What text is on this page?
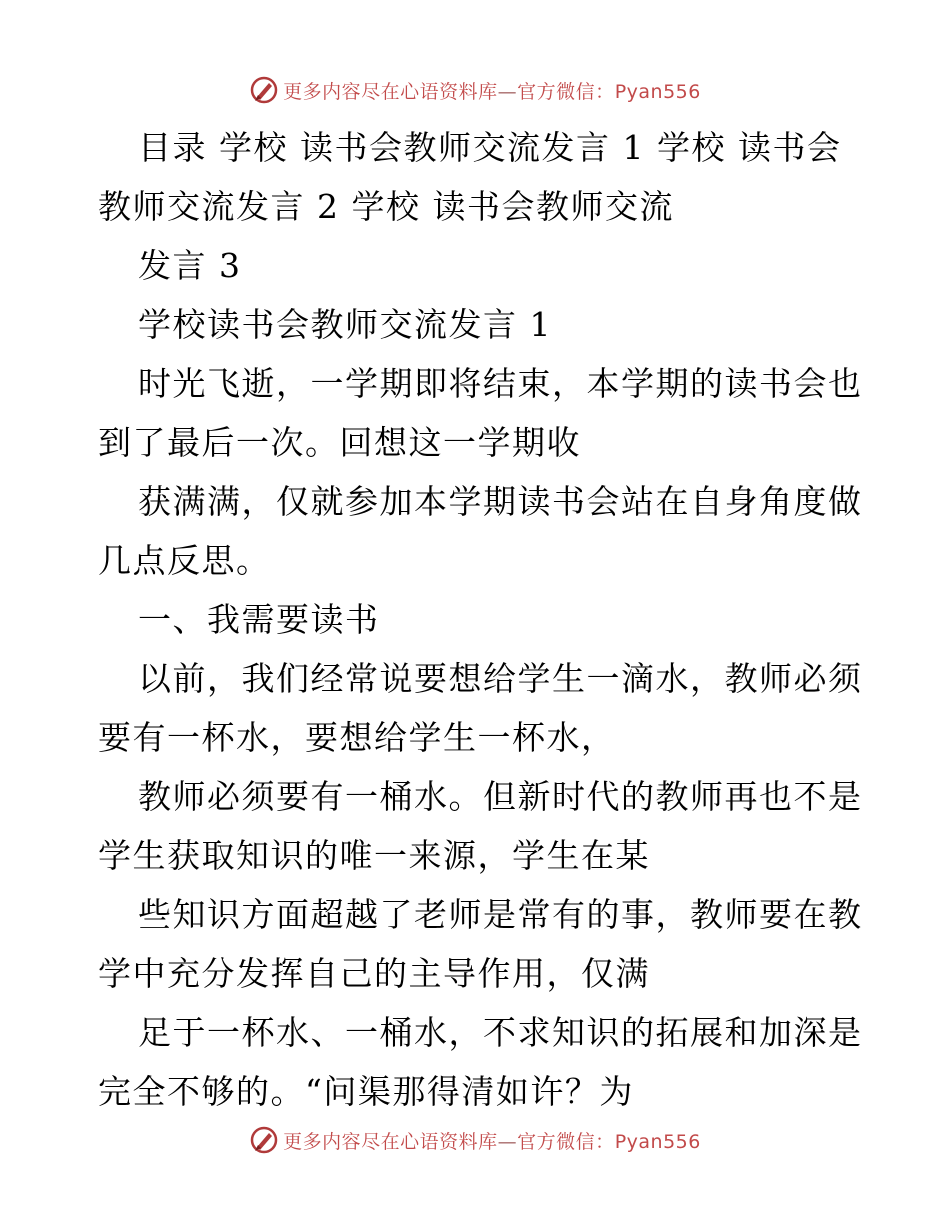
更多内容尽在心语资料库—官方微信：Pyan556
目录 学校 读书会教师交流发言 1 学校 读书会
教师交流发言 2 学校 读书会教师交流
发言 3
学校读书会教师交流发言 1
时光飞逝，一学期即将结束，本学期的读书会也
到了最后一次。回想这一学期收
获满满，仅就参加本学期读书会站在自身角度做
几点反思。
一、我需要读书
以前，我们经常说要想给学生一滴水，教师必须
要有一杯水，要想给学生一杯水，
教师必须要有一桶水。但新时代的教师再也不是
学生获取知识的唯一来源，学生在某
些知识方面超越了老师是常有的事，教师要在教
学中充分发挥自己的主导作用，仅满
足于一杯水、一桶水，不求知识的拓展和加深是
完全不够的。“问渠那得清如许？为
更多内容尽在心语资料库—官方微信：Pyan556
